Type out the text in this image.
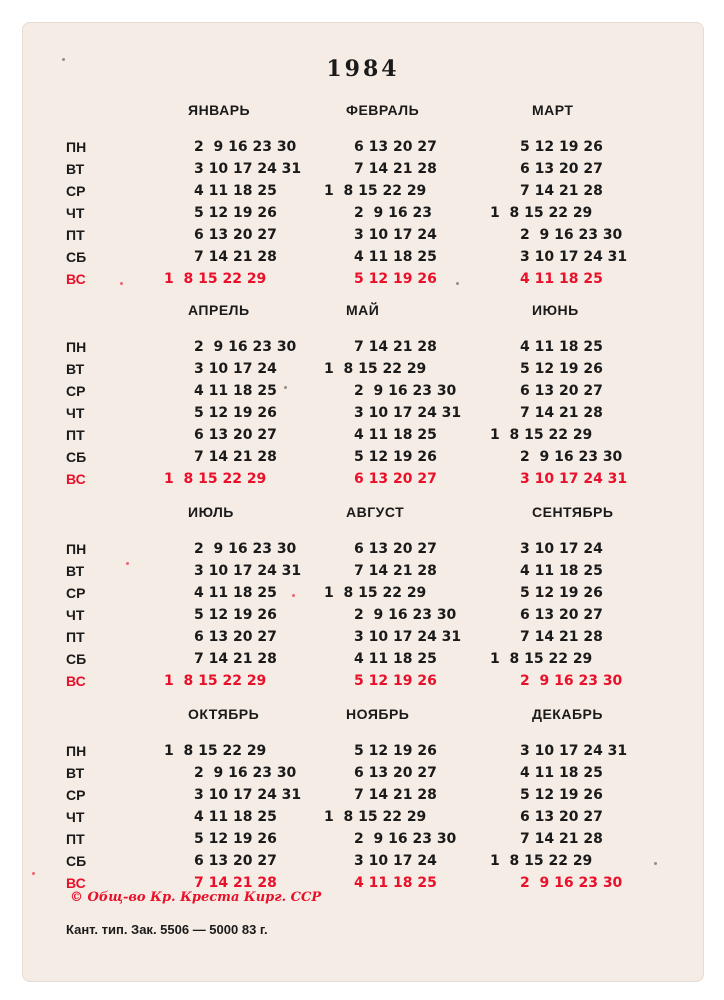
1984
ПН
ВТ
СР
ЧТ
ПТ
СБ
ВС
ПН
ВТ
СР
ЧТ
ПТ
СБ
ВС
ПН
ВТ
СР
ЧТ
ПТ
СБ
ВС
ПН
ВТ
СР
ЧТ
ПТ
СБ
ВС
ЯНВАРЬ
2  9 16 23 30
3 10 17 24 31
4 11 18 25
5 12 19 26
6 13 20 27
7 14 21 28
1  8 15 22 29
ФЕВРАЛЬ
6 13 20 27
7 14 21 28
1  8 15 22 29
2  9 16 23
3 10 17 24
4 11 18 25
5 12 19 26
МАРТ
5 12 19 26
6 13 20 27
7 14 21 28
1  8 15 22 29
2  9 16 23 30
3 10 17 24 31
4 11 18 25
АПРЕЛЬ
2  9 16 23 30
3 10 17 24
4 11 18 25
5 12 19 26
6 13 20 27
7 14 21 28
1  8 15 22 29
МАЙ
7 14 21 28
1  8 15 22 29
2  9 16 23 30
3 10 17 24 31
4 11 18 25
5 12 19 26
6 13 20 27
ИЮНЬ
4 11 18 25
5 12 19 26
6 13 20 27
7 14 21 28
1  8 15 22 29
2  9 16 23 30
3 10 17 24 31
ИЮЛЬ
2  9 16 23 30
3 10 17 24 31
4 11 18 25
5 12 19 26
6 13 20 27
7 14 21 28
1  8 15 22 29
АВГУСТ
6 13 20 27
7 14 21 28
1  8 15 22 29
2  9 16 23 30
3 10 17 24 31
4 11 18 25
5 12 19 26
СЕНТЯБРЬ
3 10 17 24
4 11 18 25
5 12 19 26
6 13 20 27
7 14 21 28
1  8 15 22 29
2  9 16 23 30
ОКТЯБРЬ
1  8 15 22 29
2  9 16 23 30
3 10 17 24 31
4 11 18 25
5 12 19 26
6 13 20 27
7 14 21 28
НОЯБРЬ
5 12 19 26
6 13 20 27
7 14 21 28
1  8 15 22 29
2  9 16 23 30
3 10 17 24
4 11 18 25
ДЕКАБРЬ
3 10 17 24 31
4 11 18 25
5 12 19 26
6 13 20 27
7 14 21 28
1  8 15 22 29
2  9 16 23 30
© Общ-во Кр. Креста Кирг. ССР
Кант. тип. Зак. 5506 — 5000 83 г.
